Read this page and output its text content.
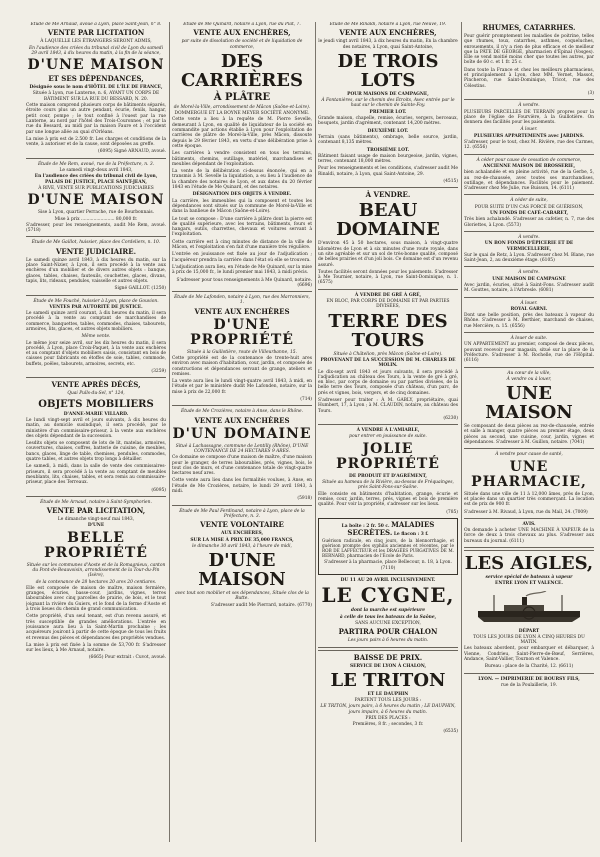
Étude de Me Arnaud, avoué à Lyon, place Saint-Jean, n° 8.

VENTE PAR LICITATION

À LAQUELLE LES ÉTRANGERS SERONT ADMIS,

En l'audience des criées du tribunal civil de Lyon du samedi 29 avril 1843, à dix heures du matin, à la fin de la séance,

D'UNE MAISON

ET SES DÉPENDANCES,

Désignée sous le nom d'HÔTEL DE L'ÎLE DE FRANCE,

Située à Lyon, rue Lanterne, n. 6, AYANT UN CORPS DE BÂTIMENT SUR LA RUE DU BESSARD, N. 20.

Cette maison comprend plusieurs corps de bâtiments séparés, étroite cours plus un autre pendant, écurie, fenils, hangar, petit cour, pompe ; le tout confiné à l'ouest par la rue Lanterne, au nord par l'hôtel des Trois-Couronnes ; et par la rue du Bessard, au midi par la maison Faure et à l'occident par une longue allée au quai d'Orléans.

La mise à prix est de 2.500 fr. Les charges et conditions de la vente, à autoriser et de la cause, sont déposées au greffe.

(6095) Signé ARNAUD, avoué.

Étude de Me Rem, avoué, rue de la Préfecture, n. 3.

Le samedi vingt-deux avril 1843,

En l'audience des criées du tribunal civil de Lyon, PALAIS DE JUSTICE, PLACE SAINT-JEAN,

À RIVE, VENTE SUR PUBLICATIONS JUDICIAIRES

D'UNE MAISON

Sise à Lyon, quartier Perrache, rue de Bourbonnais.

Mise à prix ........................ 80,000 fr.

S'adresser, pour les renseignements, audit Me Rem, avoué. (5718)

Étude de Me Gaillot, huissier, place des Cordeliers, n. 10.

VENTE JUDICIAIRE.

Le samedi quinze avril 1843, à dix heures du matin, sur la place Saint-Nizier, à Lyon, il sera procédé à la vente aux enchères d'un mobilier et de divers autres objets : banque, glaces, tables, chaises, fauteuils, couchettes, glaces, divans, tapis, lits, rideaux, pendules, vaisselle et autres objets.

Signé GAILLOT. (1250)

Étude de Me Fouché, huissier à Lyon, place de Gouvion.

VENTES PAR AUTORITÉ DE JUSTICE.

Le samedi quinze avril courant, à dix heures du matin, il sera procédé à la vente au comptant de marchandises de commerce, banquettes, tables, commodes, chaises, tabourets, armoires, lits, glaces, et autres objets mobiliers.

Même vente.

Le même jour seize avril, sur les dix heures du matin, il sera procédé, à Lyon, place Croix-Paquet, à la vente aux enchères et au comptant d'objets mobiliers saisis, consistant en bois de caisses pour fabricants en étoffes de soie, tables, commode, buffets, poêles, tabourets, armoires, secrets, etc.

(3259)

VENTE APRÈS DÉCÈS,

Quai Pulls-du-Sel, n° 124,

OBJETS MOBILIERS

D'ANNE-MARIE VILLARD.

Le lundi vingt-sept avril et jours suivants, à dix heures du matin, au domicile susindiqué, il sera procédé, par le ministère d'un commissaire-priseur, à la vente aux enchères des objets dépendant de la succession.

Lesdits objets se composent de lots de lit, matelas, armoires, couvertures, chaises, coffres, batterie de cuisine, de meubles, bancs, glaces, linge de table, chemises, pendules, commodes, quatre tables, et autres objets trop longs à détailler.

Le samedi, à midi, dans la salle de vente des commissaires-priseurs, il sera procédé à la vente au comptant de meubles meublants, lits, chaises, tables, et sera remis au commissaire-priseur, place des Terreaux.

(6095)

Étude de Me Arnaud, notaire à Saint-Symphorien.

VENTE PAR LICITATION,

Le dimanche vingt-neuf mai 1843,

D'UNE

BELLE PROPRIÉTÉ

Située sur les communes d'Aoste et de la Romagnieux, canton du Pont-de-Beauvoisin, arrondissement de la Tour-du-Pin (Isère),

de la contenance de 28 hectares 20 ares 20 centiares.

Elle est composée de maison de maître, maison fermière, granges, écuries, basse-cour, jardins, vignes, terres labourables avec cinq parcelles de prairie, de bois, et le tout joignant la rivière du Guiers, et le fond de la ferme d'Aoste et à trois lieues du chemin de grand communication.

Cette propriété, d'un seul tenant, est d'un revenu assuré, et très susceptible de grandes améliorations. L'entrée en jouissance aura lieu à la Saint-Martin prochaine ; les acquéreurs jouiront à partir de cette époque de tous les fruits et revenus des pièces et dépendances des propriétés vendues.

La mise à prix est fixée à la somme de 53,700 fr. S'adresser sur les lieux, à Me Arnaud, notaire.

(6665) Pour extrait : Cuvot, avoué.

Étude de Me Quinard, notaire à Lyon, rue du Plat, 7.

VENTE AUX ENCHÈRES,

par suite de dissolution de société et de liquidation de commerce,

DES CARRIÈRES

À PLÂTRE

de Morel-la-Ville, arrondissement de Mâcon (Saône-et-Loire).

DOMMERGUE ET LA BOYNE MEYER SOCIÉTÉ ANONYME.

Cette vente a lieu à la requête de M. Pierre Sevelle, demeurant à Lyon, en qualité de liquidateur de la société en commandite par actions établie à Lyon pour l'exploitation de carrières de plâtre de Morel-la-Ville, près Mâcon, dissoute depuis le 29 février 1843, en vertu d'une délibération prise à cette époque.

Les carrières à vendre consistent en tous les terrains, bâtiments, chemins, outillage, matériel, marchandises et meubles dépendant de l'exploitation.

La vente de la délibération ci-dessus énoncée, qui en a transmis à M. Sevelle la liquidation, a eu lieu à l'audience de la chambre des notaires de Lyon, et aux dates du 20 février 1843 en l'étude de Me Quinard, et des notaires.

DÉSIGNATION DES OBJETS À VENDRE.

La carrière, les immeubles qui la composent et toutes les dépendances sont situés sur la commune de Morel-la-Ville et dans la banlieue de Mâcon (Saône-et-Loire).

Le tout se compose : D'une carrière à plâtre dont la pierre est de qualité supérieure, avec les terrains, bâtiments, fours et hangars, outils, charrettes, chevaux et voitures servant à l'exploitation.

Cette carrière est à cinq minutes de distance de la ville de Mâcon, et l'exploitation s'en fait d'une manière très régulière.

L'entrée en jouissance est fixée au jour de l'adjudication ; l'acquéreur prendra la carrière dans l'état où elle se trouvera.

L'adjudication aura lieu, en l'étude de Me Quinard, sur la mise à prix de 15,000 fr., le lundi premier mai 1843, à midi précis.

S'adresser pour tous renseignements à Me Quinard, notaire. (6696)

Étude de Me Lafonden, notaire à Lyon, rue des Marronniers, 1.

VENTE AUX ENCHÈRES

D'UNE PROPRIÉTÉ

Située à la Guillotière, route de Villeurbanne, 15.

Cette propriété est de la contenance de trente-huit ares environ avec maison d'habitation, cour, jardin, et composée de constructions et dépendances servant de grange, ateliers et remises.

La vente aura lieu le lundi vingt-quatre avril 1843, à midi, en l'étude et par le ministère dudit Me Lafonden, notaire, sur la mise à prix de 22,000 fr.

(714)

Étude de Me Crozières, notaire à Anse, dans le Rhône.

VENTE AUX ENCHÈRES

D'UN DOMAINE

Situé à Lachassagne, commune de Lentilly (Rhône), D'UNE CONTENANCE DE 24 HECTARES 9 ARES.

Ce domaine se compose d'une maison de maître, d'une maison pour le granger, de terres labourables, prés, vignes, bois, le tout clos de murs, et d'une contenance totale de vingt-quatre hectares neuf ares.

Cette vente aura lieu dans les formalités voulues, à Anse, en l'étude de Me Crozières, notaire, le lundi 29 avril 1843, à midi.

(5918)

Étude de Me Paul Ferdinand, notaire à Lyon, place de la Préfecture, n. 3.

VENTE VOLONTAIRE

AUX ENCHÈRES,

SUR LA MISE À PRIX DE 35,000 FRANCS,

le dimanche 30 avril 1843, à l'heure de midi,

D'UNE MAISON

avec tout son mobilier et ses dépendances, Située clos de la Butte.

S'adresser audit Me Pierrard, notaire. (6770)

Étude de Me Rinaldi, notaire à Lyon, rue Neuve, 19.

VENTE AUX ENCHÈRES,

le jeudi vingt avril 1843, à dix heures du matin, En la chambre des notaires, à Lyon, quai Saint-Antoine,

DE TROIS LOTS

POUR MAISONS DE CAMPAGNE,

À Fontanières, sur le chemin des Étroits, Avec entrée par le haut sur le chemin de Sainte-Foy.

PREMIER LOT.

Grande maison, chapelle, remise, écuries, vergers, berceaux, bosquets, jardin d'agrément, contenant 14,200 mètres.

DEUXIÈME LOT.

Terrain (sans bâtiments), ombrage, belle source, jardin, contenant 8,135 mètres.

TROISIÈME LOT.

Bâtiment faisant usage de maison bourgeoise, jardin, vignes, terres, contenant 18,000 mètres.

Pour les renseignements et les conditions, s'adresser audit Me Rinaldi, notaire, à Lyon, quai Saint-Antoine, 29.

(4515)

À VENDRE.

BEAU DOMAINE

D'environ 45 à 50 hectares, sous maison, à vingt-quatre kilomètres de Lyon et à six minutes d'une route royale, dans un site agréable et sur un sol de très-bonne qualité, composé de belles prairies et d'un joli bois. Ce domaine est d'un revenu assuré.

Toutes facilités seront données pour les paiements. S'adresser à Me Tournier, notaire, à Lyon, rue Saint-Dominique, n. 1. (6575)

À VENDRE DE GRÉ À GRÉ,

EN BLOC, PAR CORPS DE DOMAINE ET PAR PARTIES DIVISÉES,

TERRE DES TOURS

Située à Châtelion, près Mâcon (Saône-et-Loire).

PROVENANT DE LA SUCCESSION DE M. CHARLES DE MOLIN.

Le dix-sept avril 1843 et jours suivants, il sera procédé à l'adjudication au château des Tours, à la vente de gré à gré, en bloc, par corps de domaine ou par parties divisées, de la belle terre des Tours, composée d'un château, d'un parc, de prés et vignes, bois, vergers, et de cinq domaines.

S'adresser pour traiter : À M. GABLY, propriétaire, quai Humbert, 17, à Lyon ; à M. CLAUDIN, notaire, au château des Tours.

(6230)

À VENDRE À L'AMIABLE,

pour entrer en jouissance de suite.

JOLIE PROPRIÉTÉ

DE PRODUIT ET D'AGRÉMENT,

Située au hameau de la Rivière, au-dessus de Fréquainges, près Saint-Fons-sur-Saône.

Elle consiste en bâtiments d'habitation, grange, écurie et remise, cour, jardin, terres, prés, vignes et bois de première qualité. Pour voir la propriété, s'adresser sur les lieux.

(785)

La boîte : 2 fr. 50 c. MALADIES SECRÈTES. Le flacon : 3 f.

Guérison radicale, en cinq jours, de la blennorrhagie, et guérison prompte des syphilis anciennes et récentes, par le ROB DE LAFFECTEUR et les DRAGÉES PURGATIVES DE M. BERNARD, pharmacien de l'École de Paris.

S'adresser à la pharmacie, place Bellecour, n. 18, à Lyon. (7110)

DU 11 AU 20 AVRIL INCLUSIVEMENT.

LE CYGNE,

dont la marche est supérieure

à celle de tous les bateaux de la Saône,

SANS AUCUNE EXCEPTION,

PARTIRA POUR CHALON

Les jours pairs à 6 heures du matin.

BAISSE DE PRIX.

SERVICE DE LYON À CHALON,

LE TRITON

ET LE DAUPHIN

PARTENT TOUS LES JOURS :

LE TRITON, jours pairs, à 6 heures du matin ; LE DAUPHIN, jours impairs, à 6 heures du matin.

PRIX DES PLACES :

Premières, 8 fr. ; secondes, 3 fr.

(6535)

RHUMES, CATARRHES.

Pour guérir promptement les maladies de poitrine, telles que rhumes, toux, catarrhes, asthmes, coqueluches, enrouements, il n'y a rien de plus efficace et de meilleur que la PÂTE DE GEORGÉ, pharmacien d'Épinal (Vosges). Elle se vend moitié moins cher que toutes les autres, par boîte de 60 c. et 1 fr. 25 c.

Dans toute la France et chez les meilleurs pharmaciens, et principalement à Lyon, chez MM. Vernet, Massot, Pincheron, rue Saint-Dominique, Tricot, rue des Célestins.

(3)

À vendre.

PLUSIEURS PARCELLES DE TERRAIN propres pour la place de l'église de Fourvière, à la Guillotière. On donnera des facilités pour les paiements.

À louer.

PLUSIEURS APPARTEMENTS avec JARDINS.

S'adresser, pour le tout, chez M. Rivière, rue des Carmes, 12. (6556)

À céder pour cause de cessation de commerce,

ANCIENNE MAISON DE BROSSERIE,

bien achalandée et en pleine activité, rue de la Gerbe, 5, au rez-de-chaussée, avec toutes ses marchandises, outillage, et dépendances. Facilités pour le paiement. S'adresser chez Me Julie, rue Buisson, 14. (6111)

À céder de suite,

POUR SUITE D'UN CAS FORCÉ DE GUÉRISON,

UN FONDS DE CAFÉ-CABARET,

Très bien achalandé. S'adresser au cafetier, n. 7, rue des Gloriettes, à Lyon. (5573)

À vendre.

UN BON FONDS D'ÉPICERIE ET DE VERMICELLERIE,

Sur le quai de Retz, à Lyon. S'adresser chez M. Blane, rue Saint-Jean, 2, au deuxième étage. (6105)

À vendre.

UNE MAISON DE CAMPAGNE

Avec jardin, écuries, situé à Saint-Fons. S'adresser audit M. Gouttes, notaire, à l'Arbresle. (6081)

À louer.

ROYAL GARNI.

Dont une belle position, près des bateaux à vapeur du Rhône. S'adresser à M. Berthier, marchand de chaises, rue Mercière, n. 15. (6556)

À louer de suite.

UN APPARTEMENT au premier, composé de deux pièces, pouvant recevoir pour magasin, situé sur la place de la Préfecture. S'adresser à M. Rochelle, rue de l'Hôpital. (6116)

Au cœur de la ville,

À vendre ou à louer,

UNE MAISON

Se composant de deux pièces au rez-de-chaussée, entrée et salle à manger, quatre pièces au premier étage, deux pièces au second, une cuisine, cour, jardin, vignes et dépendances. S'adresser à M. Guillon, notaire. (7041)

À vendre pour cause de santé,

UNE PHARMACIE,

Située dans une ville de 11 à 12,000 âmes, près de Lyon, et placée dans un quartier très commerçant. La location est de prix de 900 fr.

S'adresser à M. Rivaud, à Lyon, rue du Mail, 24. (7009)

AVIS.

On demande à acheter UNE MACHINE À VAPEUR de la force de deux à trois chevaux au plus. S'adresser aux bureaux du journal. (6111)

LES AIGLES,

service spécial de bateaux à vapeur

ENTRE LYON ET VALENCE.

DÉPART

TOUS LES JOURS DE LYON À CINQ HEURES DU MATIN.

Les bateaux abordent, pour embarquer et débarquer, à Vienne, Condrieu, Saint-Pierre-de-Bœuf, Serrières, Andance, Saint-Vallier, Tournon et Valence.

Bureau : place de la Charité, 12. (6611)

LYON. — IMPRIMERIE DE BOURSY FILS,

rue de la Poulaillerie, 19.
